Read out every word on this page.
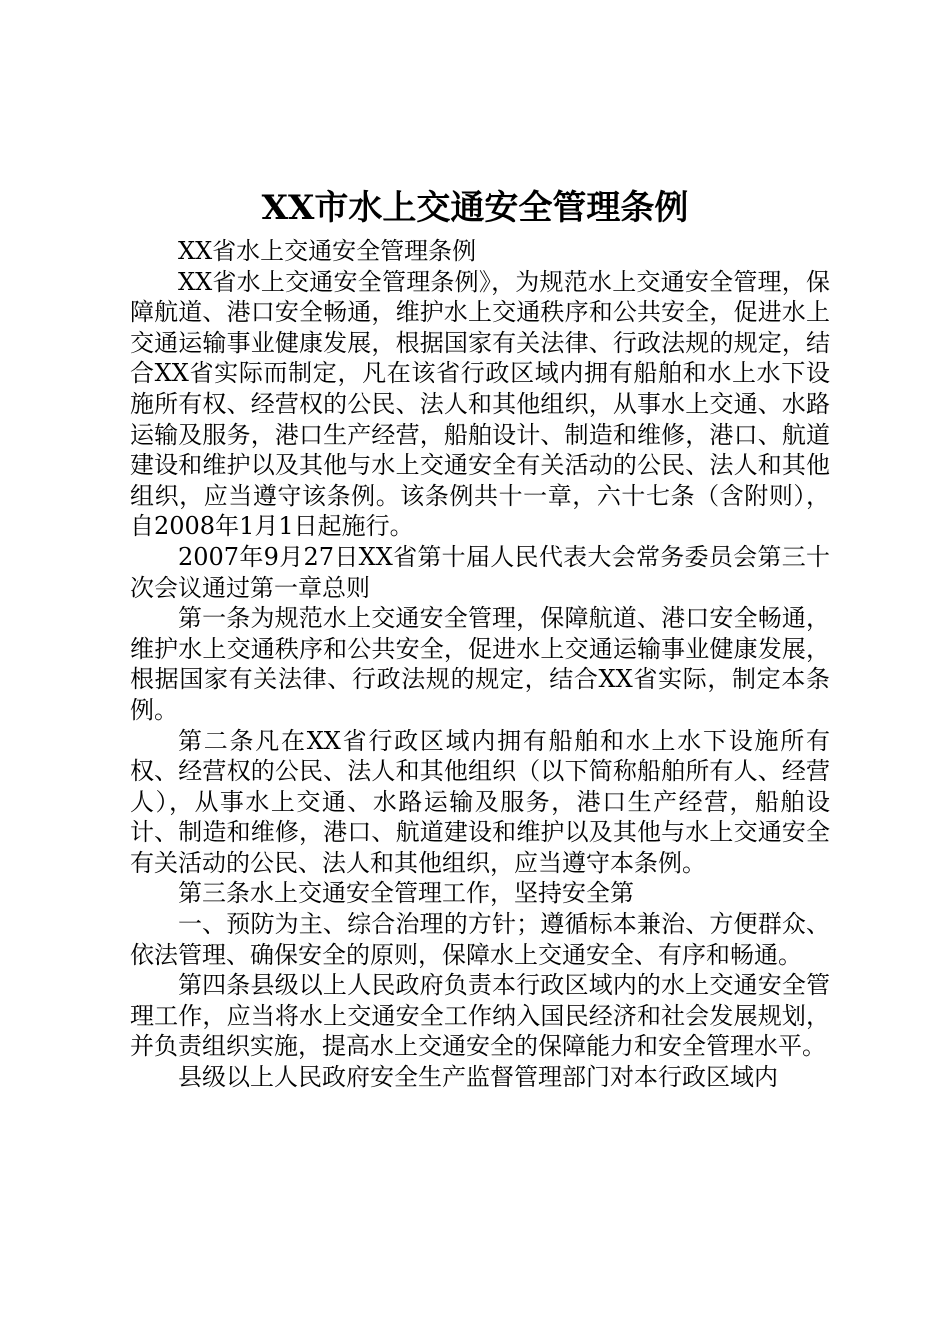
XX市水上交通安全管理条例

XX省水上交通安全管理条例

XX省水上交通安全管理条例》，为规范水上交通安全管理，保障航道、港口安全畅通，维护水上交通秩序和公共安全，促进水上交通运输事业健康发展，根据国家有关法律、行政法规的规定，结合XX省实际而制定，凡在该省行政区域内拥有船舶和水上水下设施所有权、经营权的公民、法人和其他组织，从事水上交通、水路运输及服务，港口生产经营，船舶设计、制造和维修，港口、航道建设和维护以及其他与水上交通安全有关活动的公民、法人和其他组织，应当遵守该条例。该条例共十一章，六十七条（含附则），自2008年1月1日起施行。

2007年9月27日XX省第十届人民代表大会常务委员会第三十次会议通过第一章总则

第一条为规范水上交通安全管理，保障航道、港口安全畅通，维护水上交通秩序和公共安全，促进水上交通运输事业健康发展，根据国家有关法律、行政法规的规定，结合XX省实际，制定本条例。

第二条凡在XX省行政区域内拥有船舶和水上水下设施所有权、经营权的公民、法人和其他组织（以下简称船舶所有人、经营人），从事水上交通、水路运输及服务，港口生产经营，船舶设计、制造和维修，港口、航道建设和维护以及其他与水上交通安全有关活动的公民、法人和其他组织，应当遵守本条例。

第三条水上交通安全管理工作，坚持安全第

一、预防为主、综合治理的方针；遵循标本兼治、方便群众、依法管理、确保安全的原则，保障水上交通安全、有序和畅通。

第四条县级以上人民政府负责本行政区域内的水上交通安全管理工作，应当将水上交通安全工作纳入国民经济和社会发展规划，并负责组织实施，提高水上交通安全的保障能力和安全管理水平。

县级以上人民政府安全生产监督管理部门对本行政区域内
